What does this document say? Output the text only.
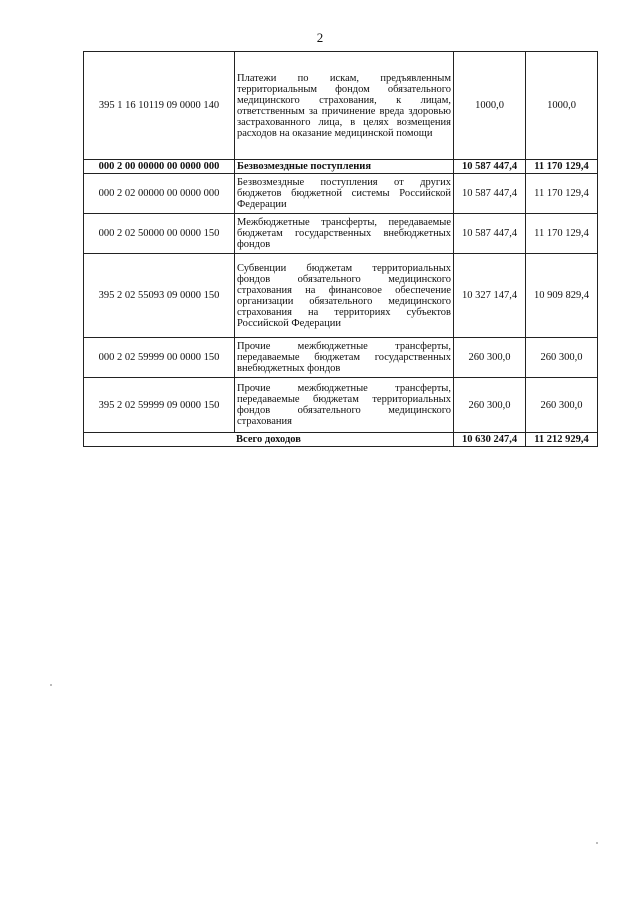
2
395 1 16 10119 09 0000 140	Платежи по искам, предъявленным территориальным фондом обязательного медицинского страхования, к лицам, ответственным за причинение вреда здоровью застрахованного лица, в целях возмещения расходов на оказание медицинской помощи	1000,0	1000,0
000 2 00 00000 00 0000 000	Безвозмездные поступления	10 587 447,4	11 170 129,4
000 2 02 00000 00 0000 000	Безвозмездные поступления от других бюджетов бюджетной системы Российской Федерации	10 587 447,4	11 170 129,4
000 2 02 50000 00 0000 150	Межбюджетные трансферты, передаваемые бюджетам государственных внебюджетных фондов	10 587 447,4	11 170 129,4
395 2 02 55093 09 0000 150	Субвенции бюджетам территориальных фондов обязательного медицинского страхования на финансовое обеспечение организации обязательного медицинского страхования на территориях субъектов Российской Федерации	10 327 147,4	10 909 829,4
000 2 02 59999 00 0000 150	Прочие межбюджетные трансферты, передаваемые бюджетам государственных внебюджетных фондов	260 300,0	260 300,0
395 2 02 59999 09 0000 150	Прочие межбюджетные трансферты, передаваемые бюджетам территориальных фондов обязательного медицинского страхования	260 300,0	260 300,0
Всего доходов		10 630 247,4	11 212 929,4
